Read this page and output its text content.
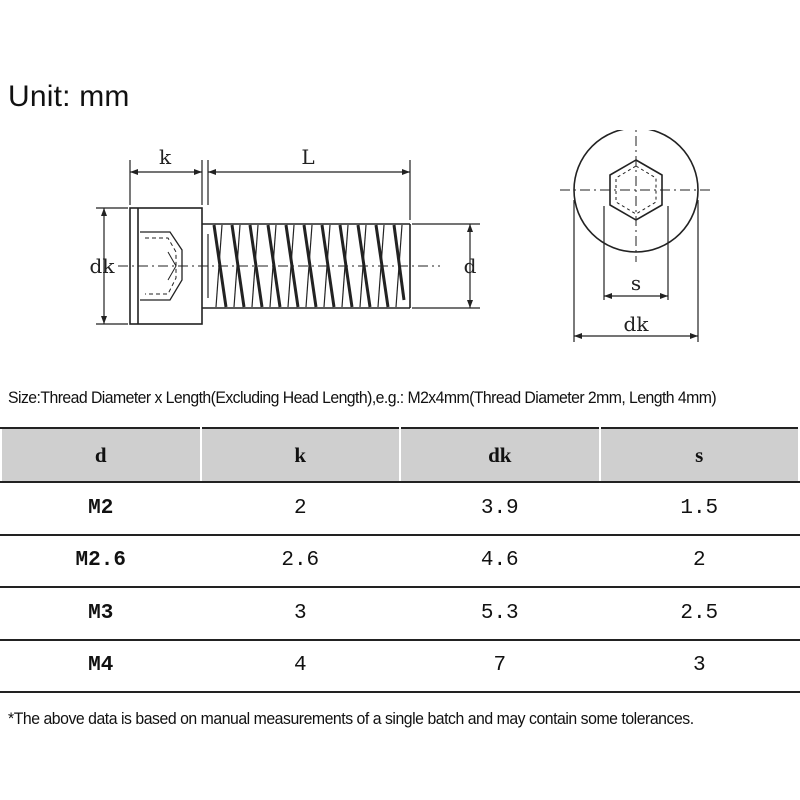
Unit: mm
k	L
dk	d
s
dk
Size:Thread Diameter x Length(Excluding Head Length),e.g.: M2x4mm(Thread Diameter 2mm, Length 4mm)
d	k	dk	s
M2	2	3.9	1.5
M2.6	2.6	4.6	2
M3	3	5.3	2.5
M4	4	7	3
*The above data is based on manual measurements of a single batch and may contain some tolerances.
